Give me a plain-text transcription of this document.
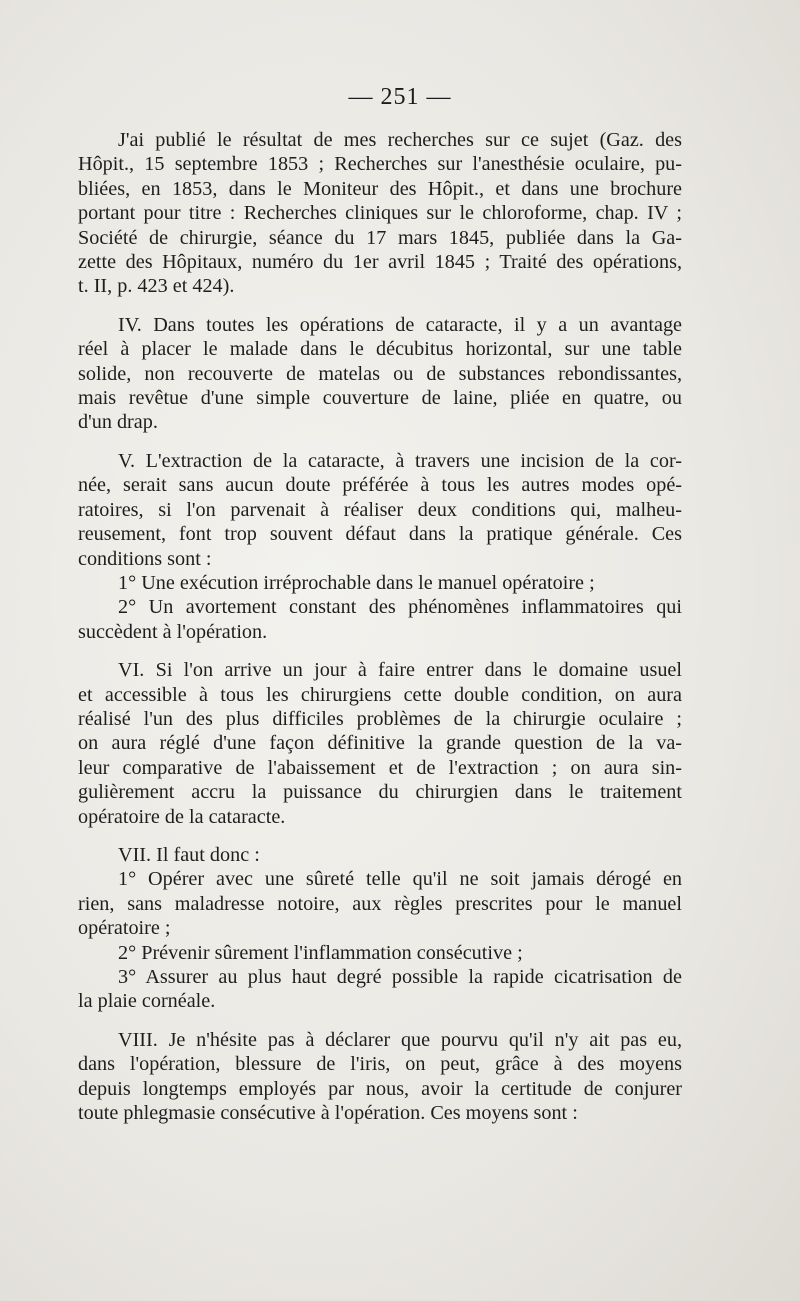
— 251 —

J'ai publié le résultat de mes recherches sur ce sujet (Gaz. des
Hôpit., 15 septembre 1853 ; Recherches sur l'anesthésie oculaire, pu-
bliées, en 1853, dans le Moniteur des Hôpit., et dans une brochure
portant pour titre : Recherches cliniques sur le chloroforme, chap. IV ;
Société de chirurgie, séance du 17 mars 1845, publiée dans la Ga-
zette des Hôpitaux, numéro du 1er avril 1845 ; Traité des opérations,
t. II, p. 423 et 424).

IV. Dans toutes les opérations de cataracte, il y a un avantage
réel à placer le malade dans le décubitus horizontal, sur une table
solide, non recouverte de matelas ou de substances rebondissantes,
mais revêtue d'une simple couverture de laine, pliée en quatre, ou
d'un drap.

V. L'extraction de la cataracte, à travers une incision de la cor-
née, serait sans aucun doute préférée à tous les autres modes opé-
ratoires, si l'on parvenait à réaliser deux conditions qui, malheu-
reusement, font trop souvent défaut dans la pratique générale. Ces
conditions sont :
1° Une exécution irréprochable dans le manuel opératoire ;
2° Un avortement constant des phénomènes inflammatoires qui
succèdent à l'opération.

VI. Si l'on arrive un jour à faire entrer dans le domaine usuel
et accessible à tous les chirurgiens cette double condition, on aura
réalisé l'un des plus difficiles problèmes de la chirurgie oculaire ;
on aura réglé d'une façon définitive la grande question de la va-
leur comparative de l'abaissement et de l'extraction ; on aura sin-
gulièrement accru la puissance du chirurgien dans le traitement
opératoire de la cataracte.

VII. Il faut donc :
1° Opérer avec une sûreté telle qu'il ne soit jamais dérogé en
rien, sans maladresse notoire, aux règles prescrites pour le manuel
opératoire ;
2° Prévenir sûrement l'inflammation consécutive ;
3° Assurer au plus haut degré possible la rapide cicatrisation de
la plaie cornéale.

VIII. Je n'hésite pas à déclarer que pourvu qu'il n'y ait pas eu,
dans l'opération, blessure de l'iris, on peut, grâce à des moyens
depuis longtemps employés par nous, avoir la certitude de conjurer
toute phlegmasie consécutive à l'opération. Ces moyens sont :
